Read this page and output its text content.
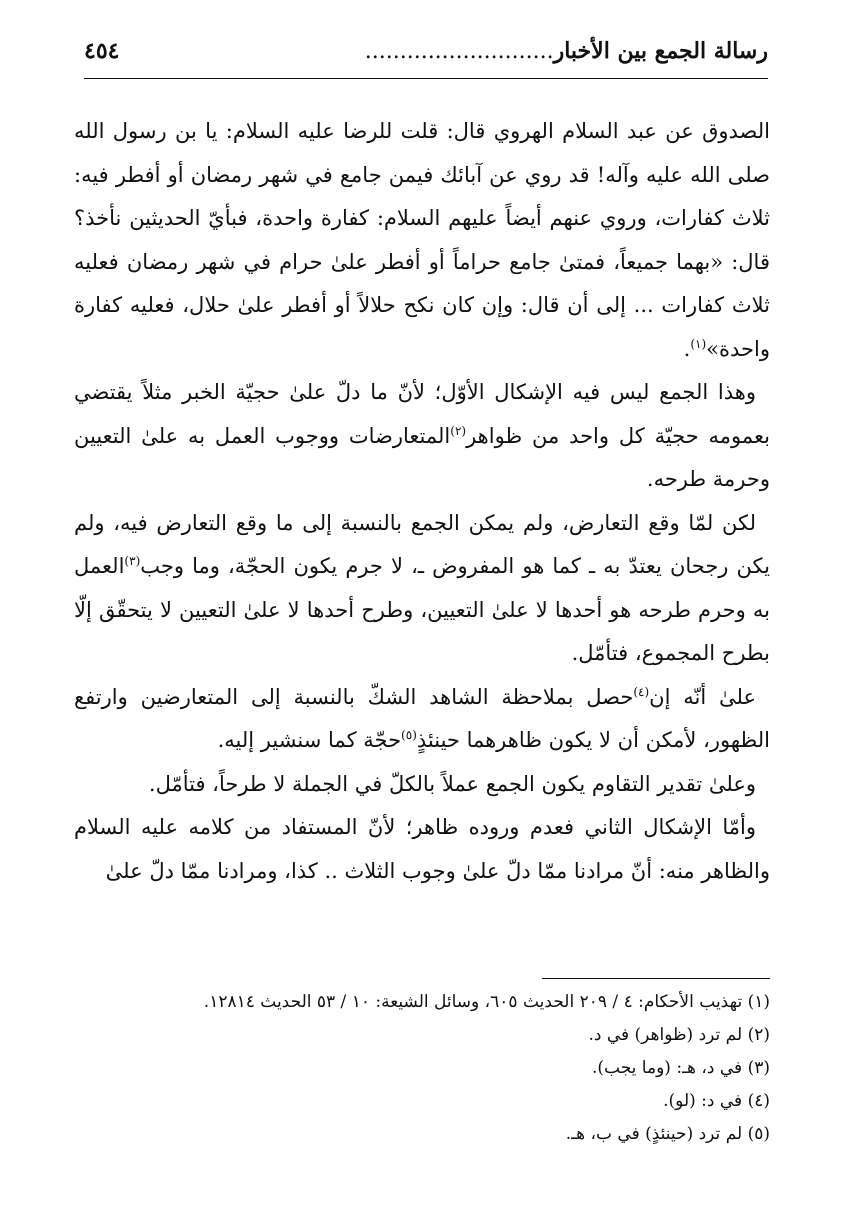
رسالة الجمع بين الأخبار...........................
٤٥٤

الصدوق عن عبد السلام الهروي قال: قلت للرضا عليه السلام: يا بن رسول الله صلى الله عليه وآله! قد روي عن آبائك فيمن جامع في شهر رمضان أو أفطر فيه: ثلاث كفارات، وروي عنهم أيضاً عليهم السلام: كفارة واحدة، فبأيّ الحديثين نأخذ؟ قال: «بهما جميعاً، فمتىٰ جامع حراماً أو أفطر علىٰ حرام في شهر رمضان فعليه ثلاث كفارات ... إلى أن قال: وإن كان نكح حلالاً أو أفطر علىٰ حلال، فعليه كفارة واحدة»$^{(١)}$.

وهذا الجمع ليس فيه الإشكال الأوّل؛ لأنّ ما دلّ علىٰ حجيّة الخبر مثلاً يقتضي بعمومه حجيّة كل واحد من ظواهر$^{(٢)}$المتعارضات ووجوب العمل به علىٰ التعيين وحرمة طرحه.

لكن لمّا وقع التعارض، ولم يمكن الجمع بالنسبة إلى ما وقع التعارض فيه، ولم يكن رجحان يعتدّ به ـ كما هو المفروض ـ، لا جرم يكون الحجّة، وما وجب$^{(٣)}$العمل به وحرم طرحه هو أحدها لا علىٰ التعيين، وطرح أحدها لا علىٰ التعيين لا يتحقّق إلّا بطرح المجموع، فتأمّل.

علىٰ أنّه إن$^{(٤)}$حصل بملاحظة الشاهد الشكّ بالنسبة إلى المتعارضين وارتفع الظهور، لأمكن أن لا يكون ظاهرهما حينئذٍ$^{(٥)}$حجّة كما سنشير إليه.

وعلىٰ تقدير التقاوم يكون الجمع عملاً بالكلّ في الجملة لا طرحاً، فتأمّل.

وأمّا الإشكال الثاني فعدم وروده ظاهر؛ لأنّ المستفاد من كلامه عليه السلام والظاهر منه: أنّ مرادنا ممّا دلّ علىٰ وجوب الثلاث .. كذا، ومرادنا ممّا دلّ علىٰ

(١) تهذيب الأحكام: ٤ / ٢٠٩ الحديث ٦٠٥، وسائل الشيعة: ١٠ / ٥٣ الحديث ١٢٨١٤.
(٢) لم ترد (ظواهر) في د.
(٣) في د، هـ: (وما يجب).
(٤) في د: (لو).
(٥) لم ترد (حينئذٍ) في ب، هـ.
